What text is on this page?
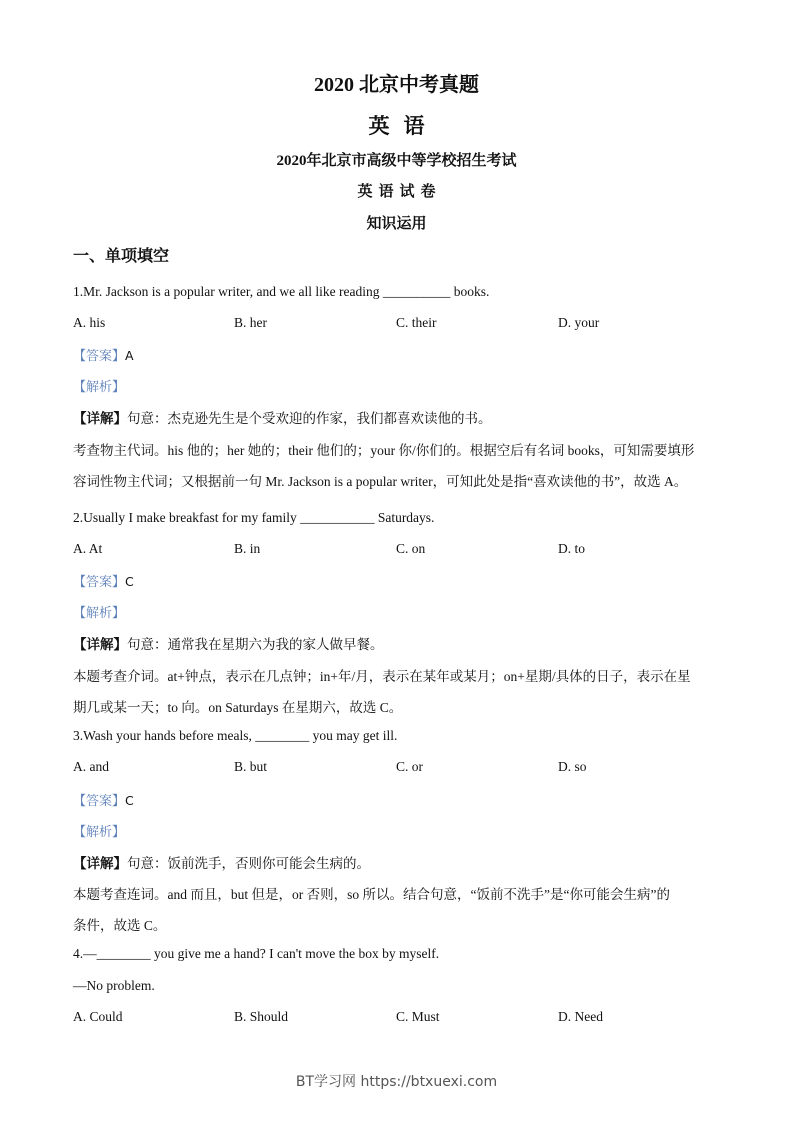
2020 北京中考真题
英语
2020年北京市高级中等学校招生考试
英语试卷
知识运用
一、单项填空
1.Mr. Jackson is a popular writer, and we all like reading __________ books.
A. his	B. her	C. their	D. your
【答案】A
【解析】
【详解】句意：杰克逊先生是个受欢迎的作家，我们都喜欢读他的书。
考查物主代词。his 他的；her 她的；their 他们的；your 你/你们的。根据空后有名词 books，可知需要填形
容词性物主代词；又根据前一句 Mr. Jackson is a popular writer，可知此处是指“喜欢读他的书”，故选 A。
2.Usually I make breakfast for my family ___________ Saturdays.
A. At	B. in	C. on	D. to
【答案】C
【解析】
【详解】句意：通常我在星期六为我的家人做早餐。
本题考查介词。at+钟点，表示在几点钟；in+年/月，表示在某年或某月；on+星期/具体的日子，表示在星
期几或某一天；to 向。on Saturdays 在星期六，故选 C。
3.Wash your hands before meals, ________ you may get ill.
A. and	B. but	C. or	D. so
【答案】C
【解析】
【详解】句意：饭前洗手，否则你可能会生病的。
本题考查连词。and 而且，but 但是，or 否则，so 所以。结合句意，“饭前不洗手”是“你可能会生病”的
条件，故选 C。
4.—________ you give me a hand? I can't move the box by myself.
—No problem.
A. Could	B. Should	C. Must	D. Need
BT学习网 https://btxuexi.com
